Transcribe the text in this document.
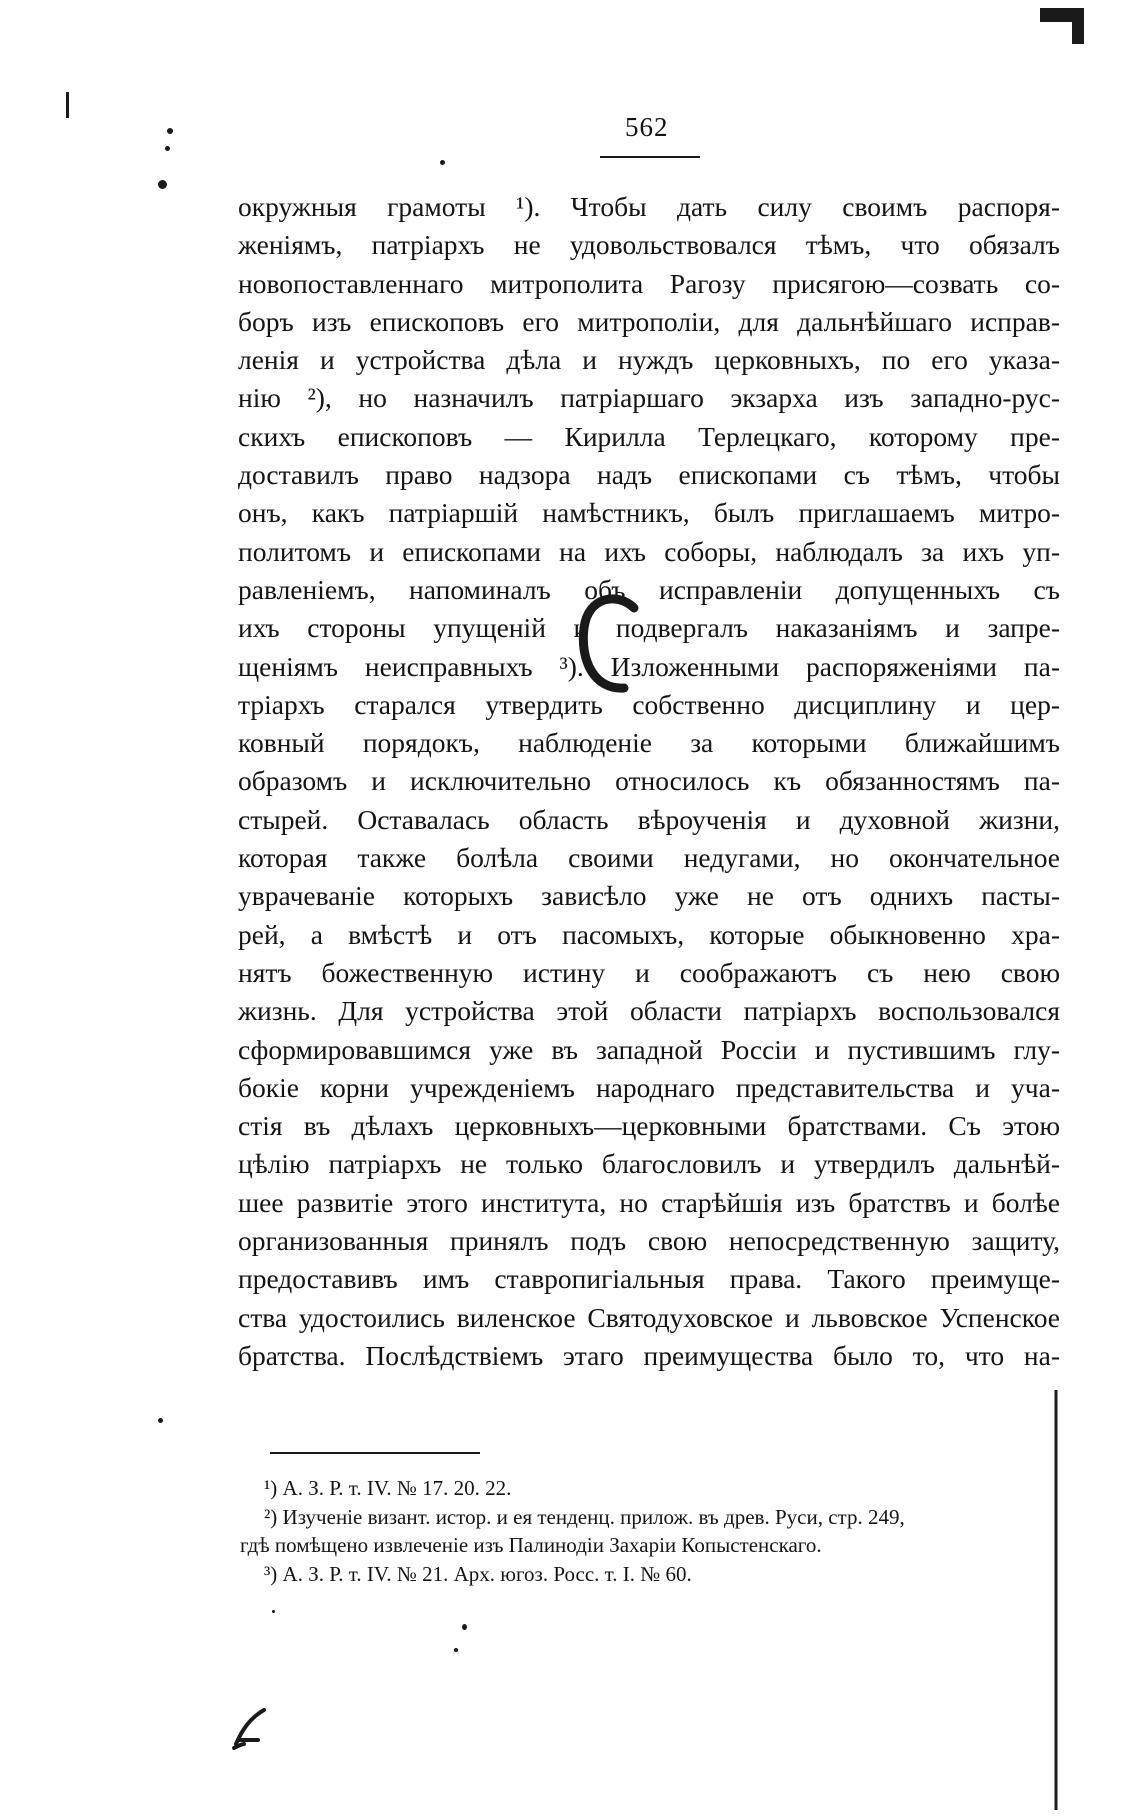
562
окружныя грамоты ¹). Чтобы дать силу своимъ распоря-
женіямъ, патріархъ не удовольствовался тѣмъ, что обязалъ
новопоставленнаго митрополита Рагозу присягою—созвать со-
боръ изъ епископовъ его митрополіи, для дальнѣйшаго исправ-
ленія и устройства дѣла и нуждъ церковныхъ, по его указа-
нію ²), но назначилъ патріаршаго экзарха изъ западно-рус-
скихъ епископовъ — Кирилла Терлецкаго, которому пре-
доставилъ право надзора надъ епископами съ тѣмъ, чтобы
онъ, какъ патріаршій намѣстникъ, былъ приглашаемъ митро-
политомъ и епископами на ихъ соборы, наблюдалъ за ихъ уп-
равленіемъ, напоминалъ объ исправленіи допущенныхъ съ
ихъ стороны упущеній и подвергалъ наказаніямъ и запре-
щеніямъ неисправныхъ ³). Изложенными распоряженіями па-
тріархъ старался утвердить собственно дисциплину и цер-
ковный порядокъ, наблюденіе за которыми ближайшимъ
образомъ и исключительно относилось къ обязанностямъ па-
стырей. Оставалась область вѣроученія и духовной жизни,
которая также болѣла своими недугами, но окончательное
уврачеваніе которыхъ зависѣло уже не отъ однихъ пасты-
рей, а вмѣстѣ и отъ пасомыхъ, которые обыкновенно хра-
нятъ божественную истину и соображаютъ съ нею свою
жизнь. Для устройства этой области патріархъ воспользовался
сформировавшимся уже въ западной Россіи и пустившимъ глу-
бокіе корни учрежденіемъ народнаго представительства и уча-
стія въ дѣлахъ церковныхъ—церковными братствами. Съ этою
цѣлію патріархъ не только благословилъ и утвердилъ дальнѣй-
шее развитіе этого института, но старѣйшія изъ братствъ и болѣе
организованныя принялъ подъ свою непосредственную защиту,
предоставивъ имъ ставропигіальныя права. Такого преимуще-
ства удостоились виленское Святодуховское и львовское Успенское
братства. Послѣдствіемъ этаго преимущества было то, что на-
¹) А. З. Р. т. IV. № 17. 20. 22.
²) Изученіе визант. истор. и ея тенденц. прилож. въ древ. Руси, стр. 249,
гдѣ помѣщено извлеченіе изъ Палинодіи Захаріи Копыстенскаго.
³) А. З. Р. т. IV. № 21. Арх. югоз. Росс. т. I. № 60.
